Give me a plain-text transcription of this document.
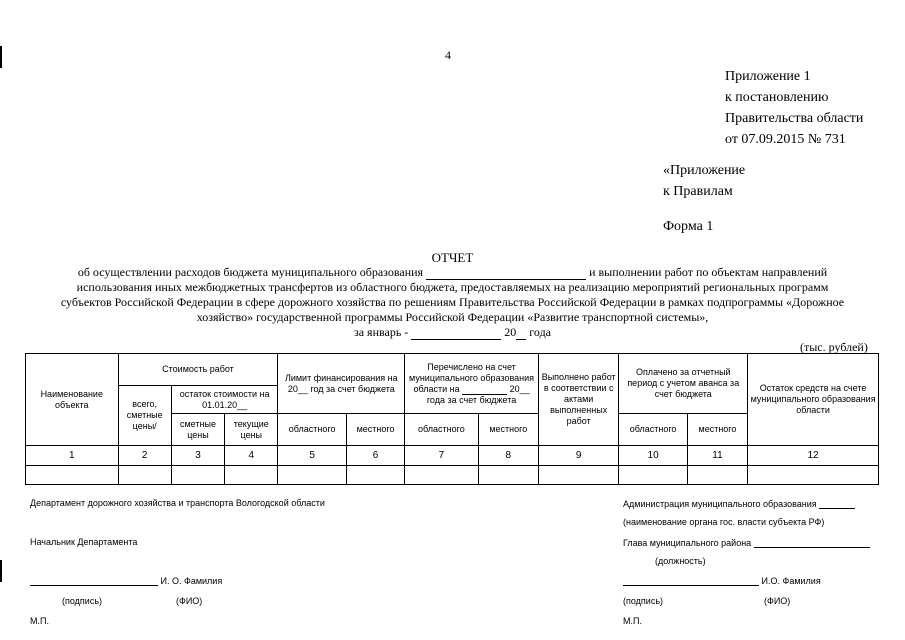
4
Приложение 1
к постановлению
Правительства области
от 07.09.2015 № 731
«Приложение
к Правилам
Форма 1
ОТЧЕТ
об осуществлении расходов бюджета муниципального образования	и выполнении работ по объектам направлений
использования иных межбюджетных трансфертов из областного бюджета, предоставляемых на реализацию мероприятий региональных программ
субъектов Российской Федерации в сфере дорожного хозяйства по решениям Правительства Российской Федерации в рамках подпрограммы «Дорожное
хозяйство» государственной программы Российской Федерации «Развитие транспортной системы»,
за январь -	20 года
(тыс. рублей)
Наименование объекта	Стоимость работ			Лимит финансирования на 20__ год за счет бюджета		Перечислено на счет муниципального образования области на 20__ года за счет бюджета		Выполнено работ в соответствии с актами выполненных работ	Оплачено за отчетный период с учетом аванса за счет бюджета		Остаток средств на счете муниципального образования области
	всего, сметные цены/	остаток стоимости на 01.01.20__									
		сметные цены	текущие цены	областного	местного	областного	местного		областного	местного	
1	2	3	4	5	6	7	8	9	10	11	12

Департамент дорожного хозяйства и транспорта Вологодской области
Начальник Департамента
И. О. Фамилия
(подпись)	(ФИО)
М.П.
Администрация муниципального образования
(наименование органа гос. власти субъекта РФ)
Глава муниципального района
(должность)
И.О. Фамилия
(подпись)	(ФИО)
М.П.
